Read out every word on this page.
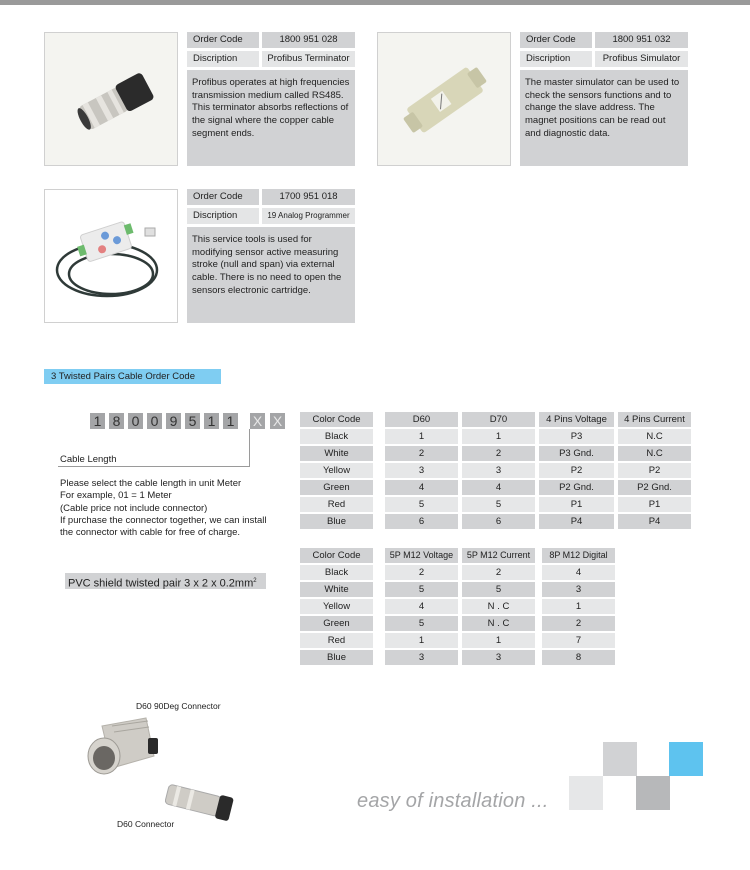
Order Code	1800 951 028
Discription	Profibus Terminator
Profibus operates at high frequencies transmission medium called RS485. This terminator absorbs reflections of the signal where the copper cable segment ends.
Order Code	1800 951 032
Discription	Profibus Simulator
The master simulator can be used to check the sensors functions and to change the slave address. The magnet positions can be read out and diagnostic data.
Order Code	1700 951 018
Discription	19 Analog Programmer
This service tools is used for modifying sensor active measuring stroke (null and span) via external cable. There is no need to open the sensors electronic cartridge.
3 Twisted Pairs Cable Order Code
1 8 0 0 9 5 1 1 X X
Cable Length
Please select the cable length in unit Meter
For example, 01 = 1 Meter
(Cable price not include connector)
If purchase the connector together, we can install
the connector with cable for free of charge.
PVC shield twisted pair 3 x 2 x $0.2mm^2$
Color Code	D60	D70	4 Pins Voltage	4 Pins Current
Black	1	1	P3	N.C
White	2	2	P3 Gnd.	N.C
Yellow	3	3	P2	P2
Green	4	4	P2 Gnd.	P2 Gnd.
Red	5	5	P1	P1
Blue	6	6	P4	P4
Color Code	5P M12 Voltage	5P M12 Current	8P M12 Digital
Black	2	2	4
White	5	5	3
Yellow	4	N . C	1
Green	5	N . C	2
Red	1	1	7
Blue	3	3	8
D60 90Deg Connector
D60 Connector
easy of installation ...
